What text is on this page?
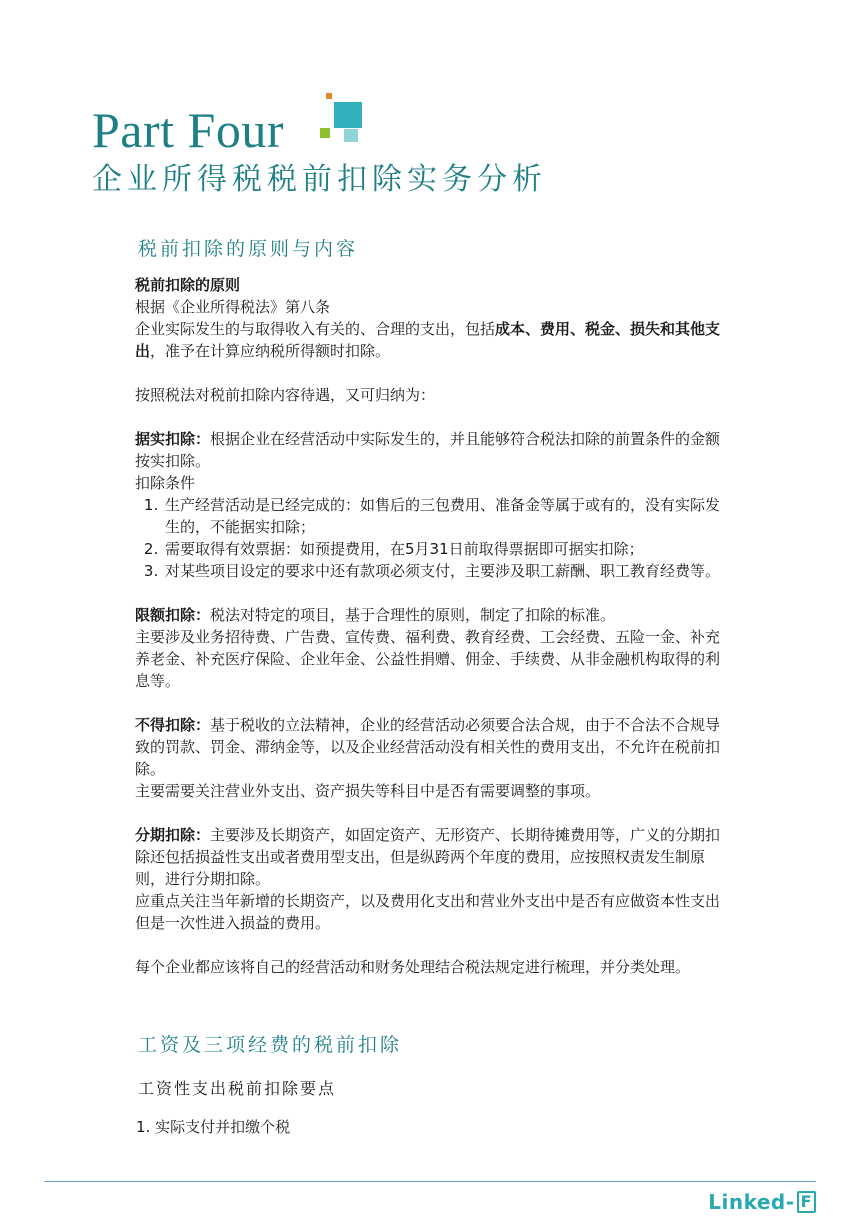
Part Four
企业所得税税前扣除实务分析
税前扣除的原则与内容

税前扣除的原则

根据《企业所得税法》第八条

企业实际发生的与取得收入有关的、合理的支出，包括成本、费用、税金、损失和其他支出，准予在计算应纳税所得额时扣除。

按照税法对税前扣除内容待遇，又可归纳为：

据实扣除：根据企业在经营活动中实际发生的，并且能够符合税法扣除的前置条件的金额按实扣除。

扣除条件

1. 生产经营活动是已经完成的：如售后的三包费用、准备金等属于或有的，没有实际发生的，不能据实扣除；
2. 需要取得有效票据：如预提费用，在5月31日前取得票据即可据实扣除；
3. 对某些项目设定的要求中还有款项必须支付，主要涉及职工薪酬、职工教育经费等。

限额扣除：税法对特定的项目，基于合理性的原则，制定了扣除的标准。

主要涉及业务招待费、广告费、宣传费、福利费、教育经费、工会经费、五险一金、补充养老金、补充医疗保险、企业年金、公益性捐赠、佣金、手续费、从非金融机构取得的利息等。

不得扣除：基于税收的立法精神，企业的经营活动必须要合法合规，由于不合法不合规导致的罚款、罚金、滞纳金等，以及企业经营活动没有相关性的费用支出，不允许在税前扣除。

主要需要关注营业外支出、资产损失等科目中是否有需要调整的事项。

分期扣除：主要涉及长期资产，如固定资产、无形资产、长期待摊费用等，广义的分期扣除还包括损益性支出或者费用型支出，但是纵跨两个年度的费用，应按照权责发生制原则，进行分期扣除。

应重点关注当年新增的长期资产，以及费用化支出和营业外支出中是否有应做资本性支出但是一次性进入损益的费用。

每个企业都应该将自己的经营活动和财务处理结合税法规定进行梳理，并分类处理。

工资及三项经费的税前扣除
工资性支出税前扣除要点
1. 实际支付并扣缴个税
Linked- F
